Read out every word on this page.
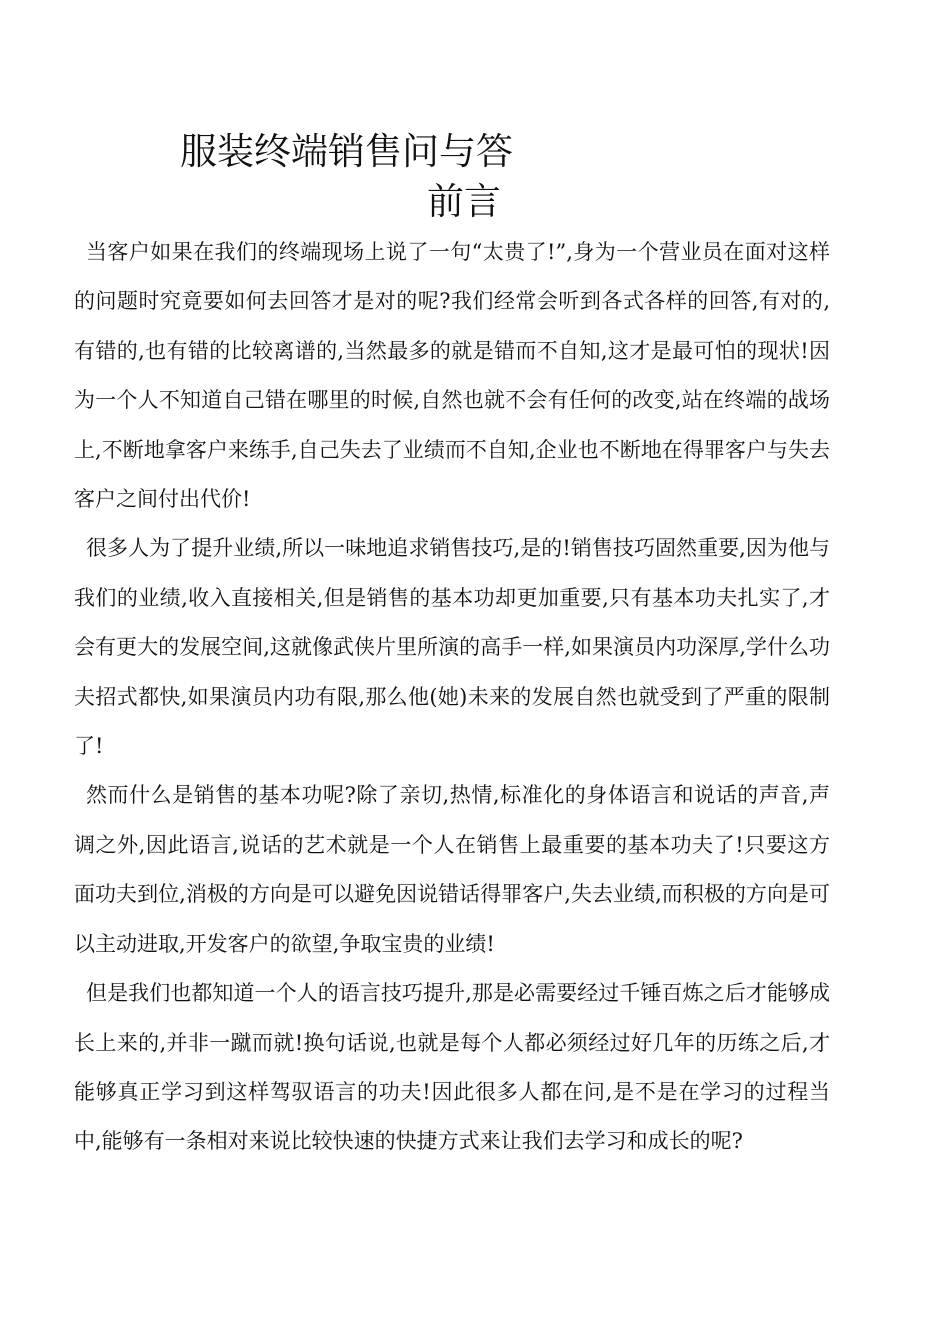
服装终端销售问与答
前言

当客户如果在我们的终端现场上说了一句“太贵了!”,身为一个营业员在面对这样的问题时究竟要如何去回答才是对的呢?我们经常会听到各式各样的回答,有对的,有错的,也有错的比较离谱的,当然最多的就是错而不自知,这才是最可怕的现状!因为一个人不知道自己错在哪里的时候,自然也就不会有任何的改变,站在终端的战场上,不断地拿客户来练手,自己失去了业绩而不自知,企业也不断地在得罪客户与失去客户之间付出代价!

很多人为了提升业绩,所以一味地追求销售技巧,是的!销售技巧固然重要,因为他与我们的业绩,收入直接相关,但是销售的基本功却更加重要,只有基本功夫扎实了,才会有更大的发展空间,这就像武侠片里所演的高手一样,如果演员内功深厚,学什么功夫招式都快,如果演员内功有限,那么他(她)未来的发展自然也就受到了严重的限制了!

然而什么是销售的基本功呢?除了亲切,热情,标准化的身体语言和说话的声音,声调之外,因此语言,说话的艺术就是一个人在销售上最重要的基本功夫了!只要这方面功夫到位,消极的方向是可以避免因说错话得罪客户,失去业绩,而积极的方向是可以主动进取,开发客户的欲望,争取宝贵的业绩!

但是我们也都知道一个人的语言技巧提升,那是必需要经过千锤百炼之后才能够成长上来的,并非一蹴而就!换句话说,也就是每个人都必须经过好几年的历练之后,才能够真正学习到这样驾驭语言的功夫!因此很多人都在问,是不是在学习的过程当中,能够有一条相对来说比较快速的快捷方式来让我们去学习和成长的呢?
